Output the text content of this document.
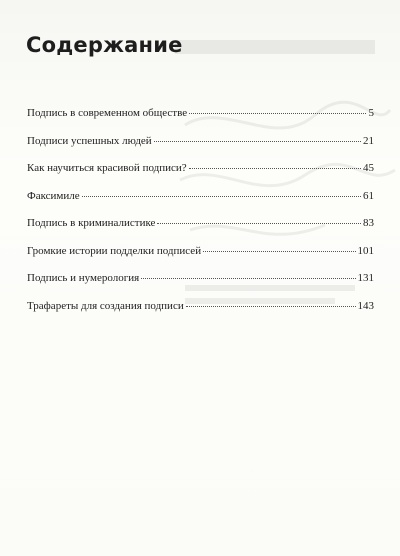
Содержание
Подпись в современном обществе	5
Подписи успешных людей	21
Как научиться красивой подписи?	45
Факсимиле	61
Подпись в криминалистике	83
Громкие истории подделки подписей	101
Подпись и нумерология	131
Трафареты для создания подписи	143
